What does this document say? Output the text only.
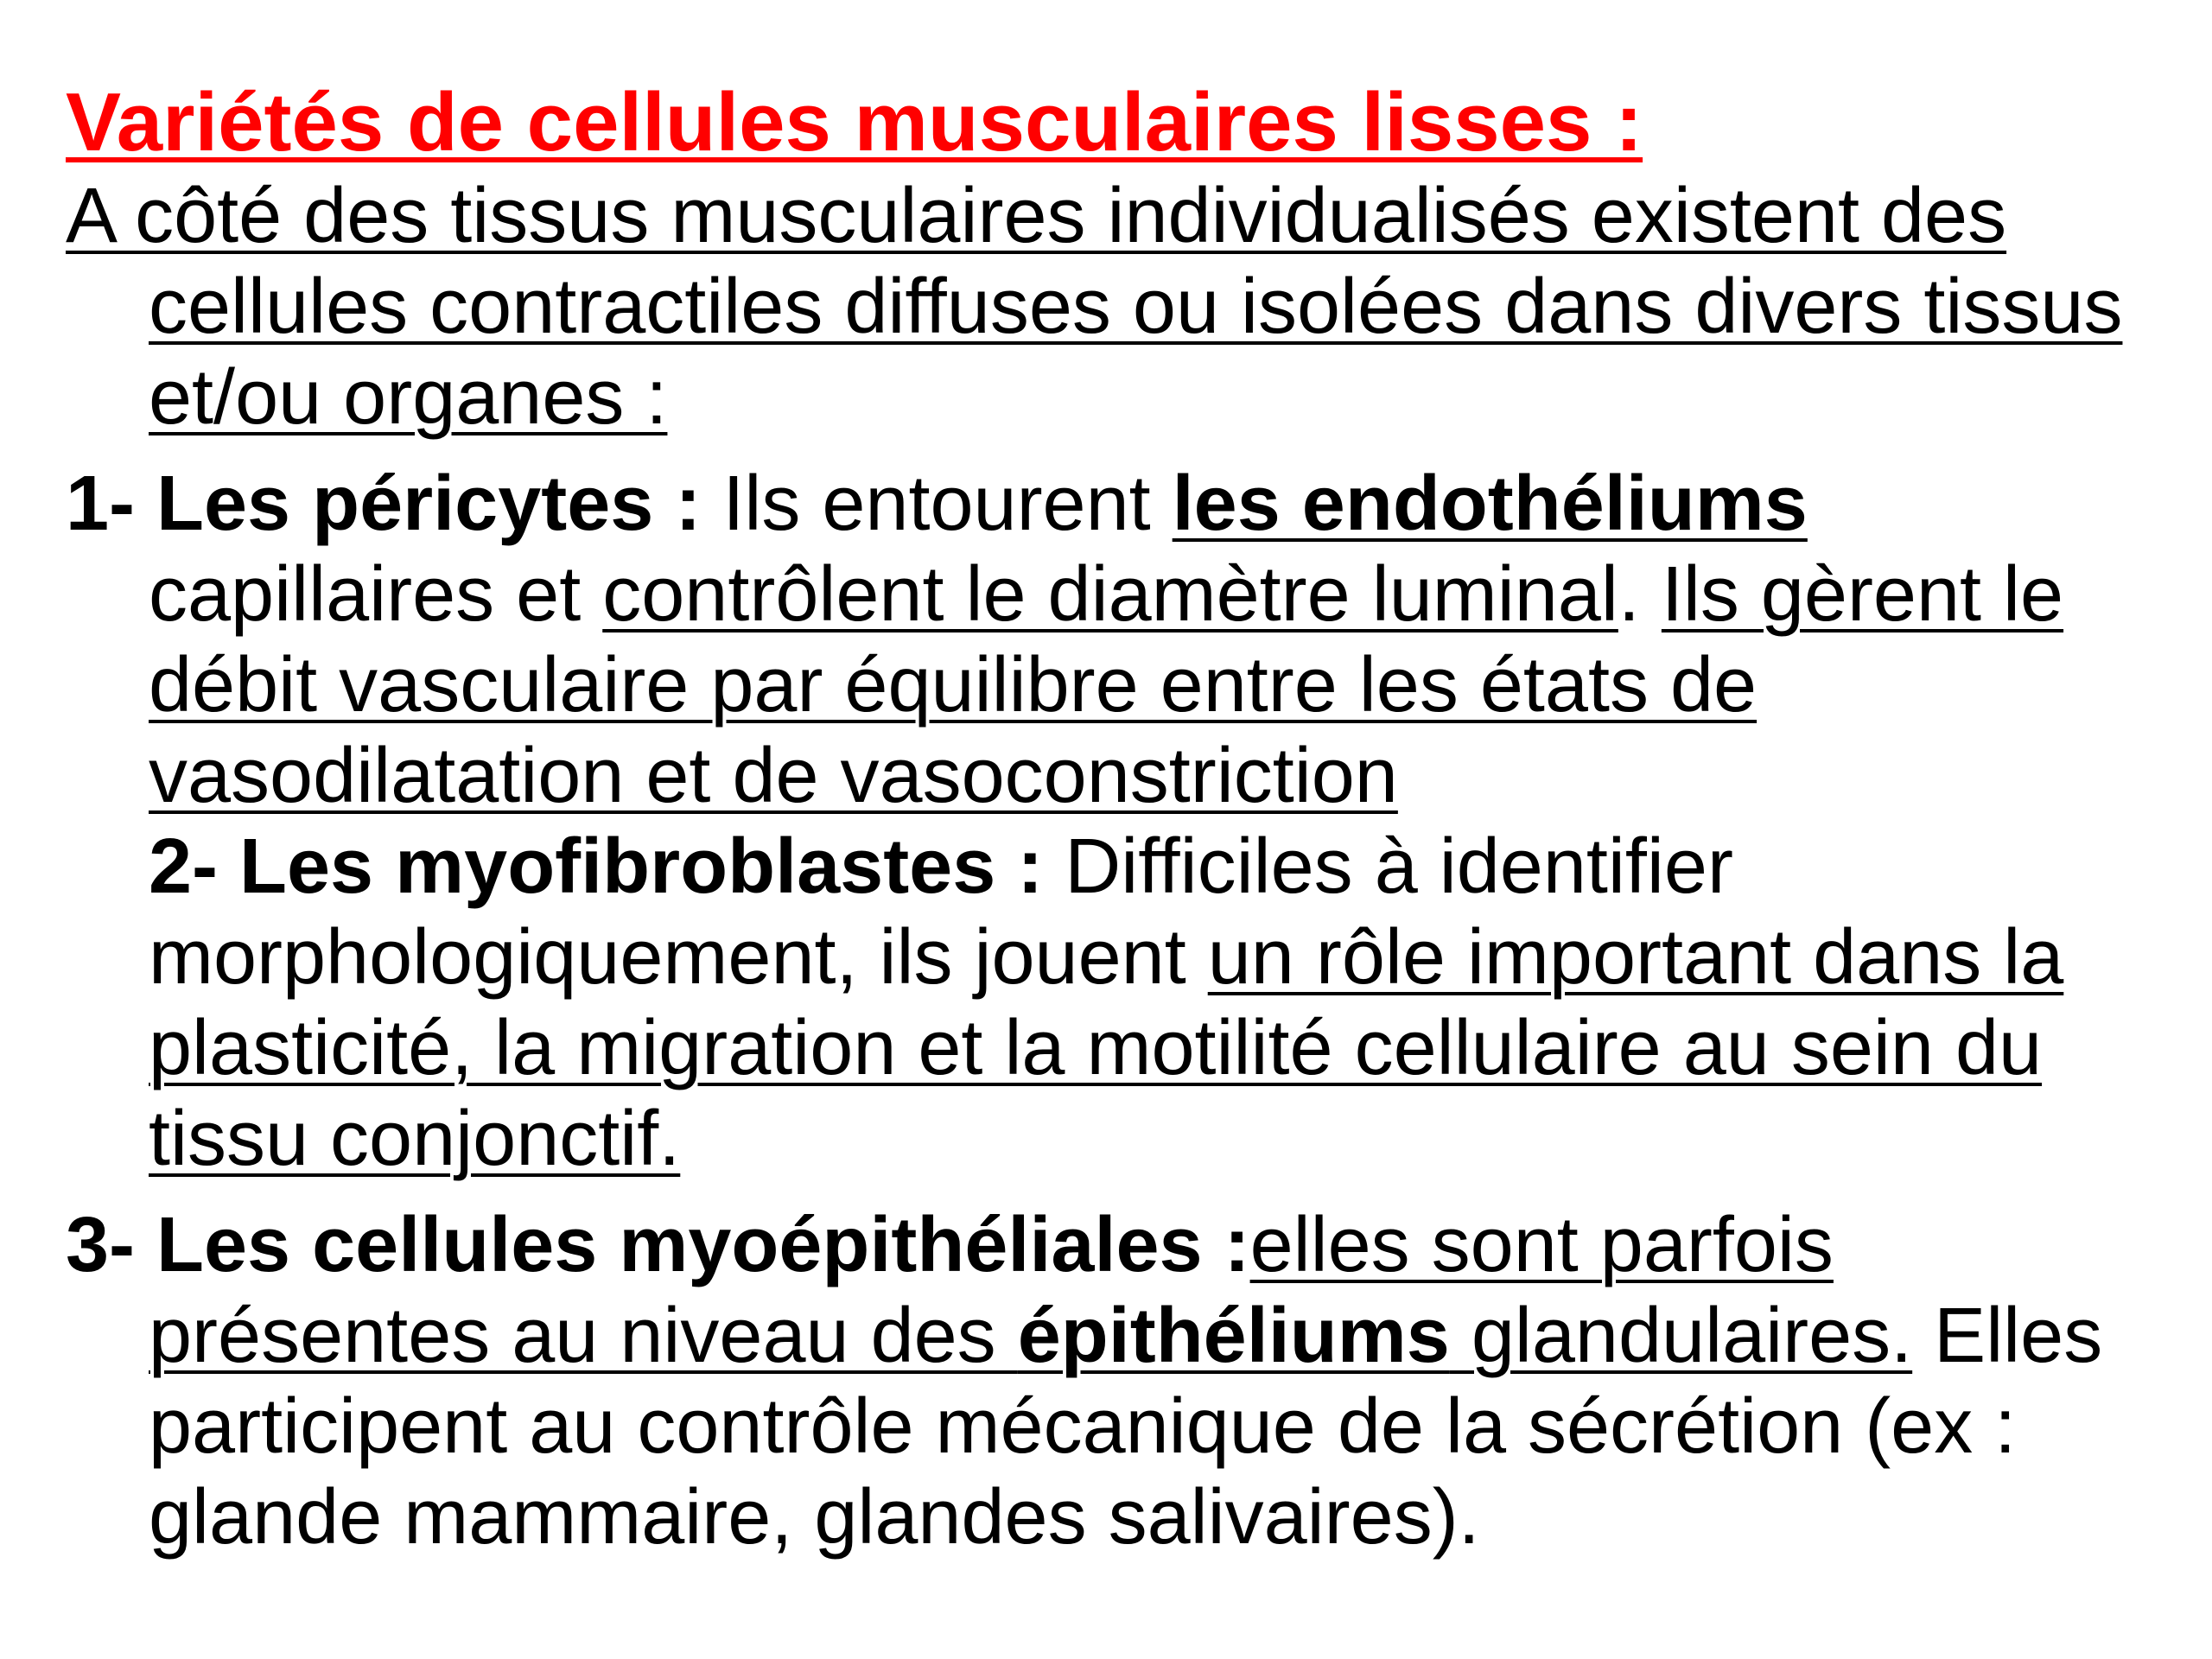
Variétés de cellules musculaires lisses :

A côté des tissus musculaires individualisés existent des cellules contractiles diffuses ou isolées dans divers tissus et/ou organes :

1- Les péricytes : Ils entourent les endothéliums capillaires et contrôlent le diamètre luminal. Ils gèrent le débit vasculaire par équilibre entre les états de vasodilatation et de vasoconstriction

2- Les myofibroblastes : Difficiles à identifier morphologiquement, ils jouent un rôle important dans la plasticité, la migration et la motilité cellulaire au sein du tissu conjonctif.

3- Les cellules myoépithéliales :elles sont parfois présentes au niveau des épithéliums glandulaires. Elles participent au contrôle mécanique de la sécrétion (ex : glande mammaire, glandes salivaires).
